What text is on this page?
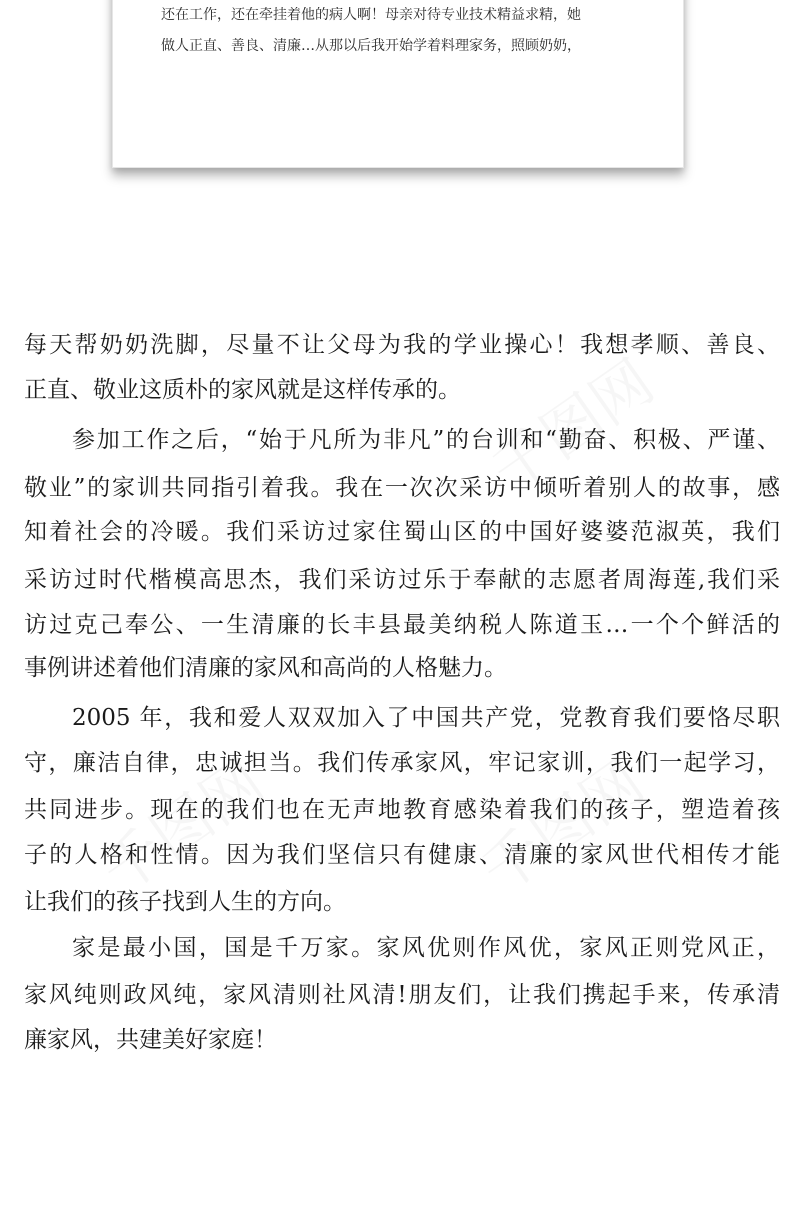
还在工作，还在牵挂着他的病人啊！母亲对待专业技术精益求精，她
做人正直、善良、清廉…从那以后我开始学着料理家务，照顾奶奶，
每天帮奶奶洗脚，尽量不让父母为我的学业操心！我想孝顺、善良、
正直、敬业这质朴的家风就是这样传承的。
参加工作之后，“始于凡所为非凡”的台训和“勤奋、积极、严谨、
敬业”的家训共同指引着我。我在一次次采访中倾听着别人的故事，感
知着社会的冷暖。我们采访过家住蜀山区的中国好婆婆范淑英，我们
采访过时代楷模高思杰，我们采访过乐于奉献的志愿者周海莲,我们采
访过克己奉公、一生清廉的长丰县最美纳税人陈道玉…一个个鲜活的
事例讲述着他们清廉的家风和高尚的人格魅力。
2005 年，我和爱人双双加入了中国共产党，党教育我们要恪尽职
守，廉洁自律，忠诚担当。我们传承家风，牢记家训，我们一起学习，
共同进步。现在的我们也在无声地教育感染着我们的孩子，塑造着孩
子的人格和性情。因为我们坚信只有健康、清廉的家风世代相传才能
让我们的孩子找到人生的方向。
家是最小国，国是千万家。家风优则作风优，家风正则党风正，
家风纯则政风纯，家风清则社风清!朋友们，让我们携起手来，传承清
廉家风，共建美好家庭！
